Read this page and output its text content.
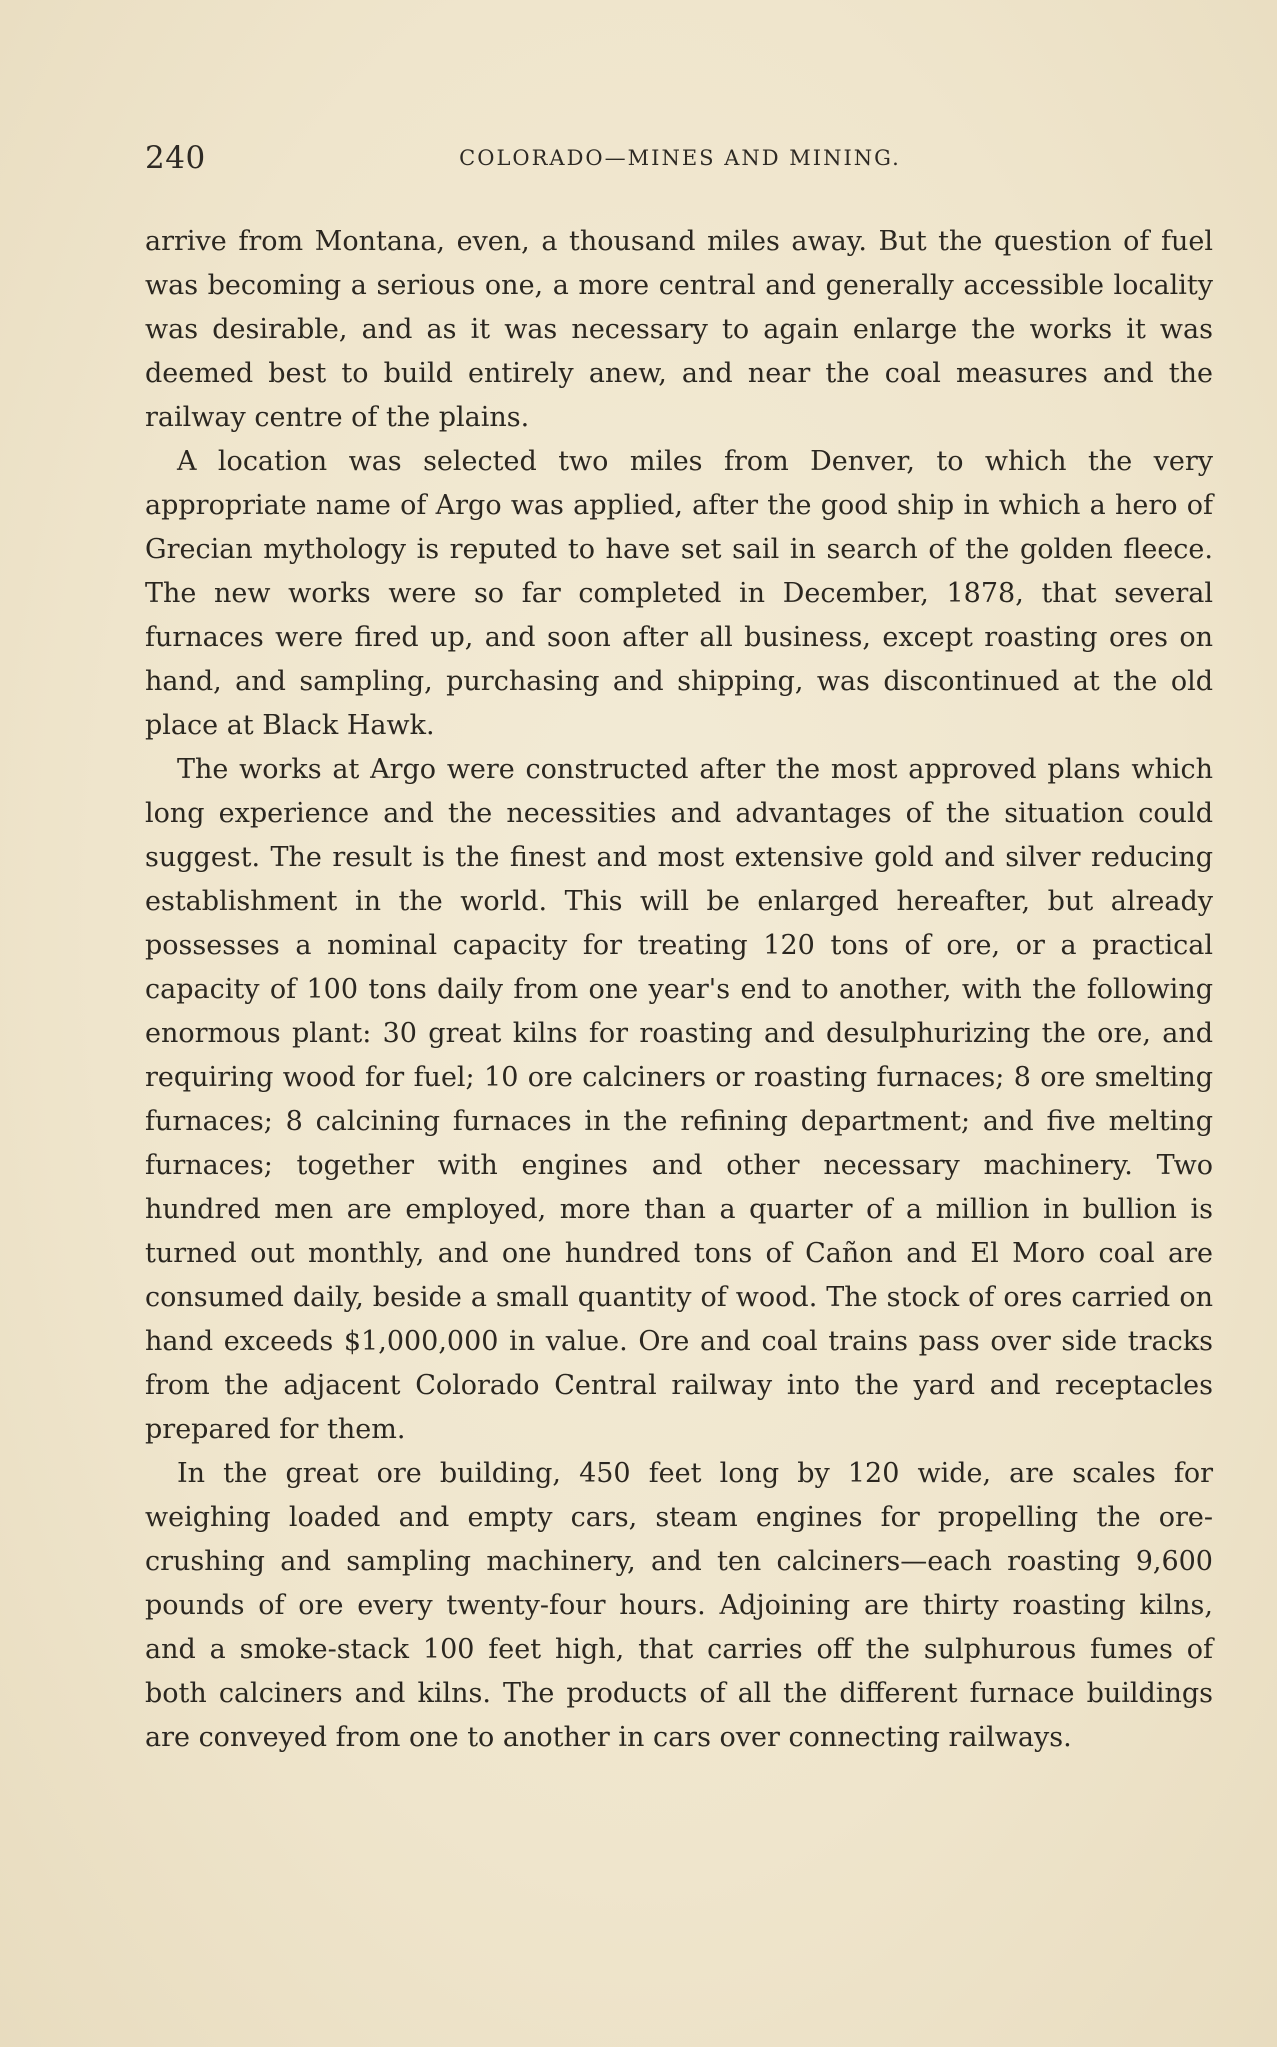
240	COLORADO—MINES AND MINING.

arrive from Montana, even, a thousand miles away. But the question of fuel was becoming a serious one, a more central and generally accessible locality was desirable, and as it was necessary to again enlarge the works it was deemed best to build entirely anew, and near the coal measures and the railway centre of the plains.

A location was selected two miles from Denver, to which the very appropriate name of Argo was applied, after the good ship in which a hero of Grecian mythology is reputed to have set sail in search of the golden fleece. The new works were so far completed in December, 1878, that several furnaces were fired up, and soon after all business, except roasting ores on hand, and sampling, purchasing and shipping, was discontinued at the old place at Black Hawk.

The works at Argo were constructed after the most approved plans which long experience and the necessities and advantages of the situation could suggest. The result is the finest and most extensive gold and silver reducing establishment in the world. This will be enlarged hereafter, but already possesses a nominal capacity for treating 120 tons of ore, or a practical capacity of 100 tons daily from one year's end to another, with the following enormous plant: 30 great kilns for roasting and desulphurizing the ore, and requiring wood for fuel; 10 ore calciners or roasting furnaces; 8 ore smelting furnaces; 8 calcining furnaces in the refining department; and five melting furnaces; together with engines and other necessary machinery. Two hundred men are employed, more than a quarter of a million in bullion is turned out monthly, and one hundred tons of Cañon and El Moro coal are consumed daily, beside a small quantity of wood. The stock of ores carried on hand exceeds $1,000,000 in value. Ore and coal trains pass over side tracks from the adjacent Colorado Central railway into the yard and receptacles prepared for them.

In the great ore building, 450 feet long by 120 wide, are scales for weighing loaded and empty cars, steam engines for propelling the ore-crushing and sampling machinery, and ten calciners—each roasting 9,600 pounds of ore every twenty-four hours. Adjoining are thirty roasting kilns, and a smoke-stack 100 feet high, that carries off the sulphurous fumes of both calciners and kilns. The products of all the different furnace buildings are conveyed from one to another in cars over connecting railways.
